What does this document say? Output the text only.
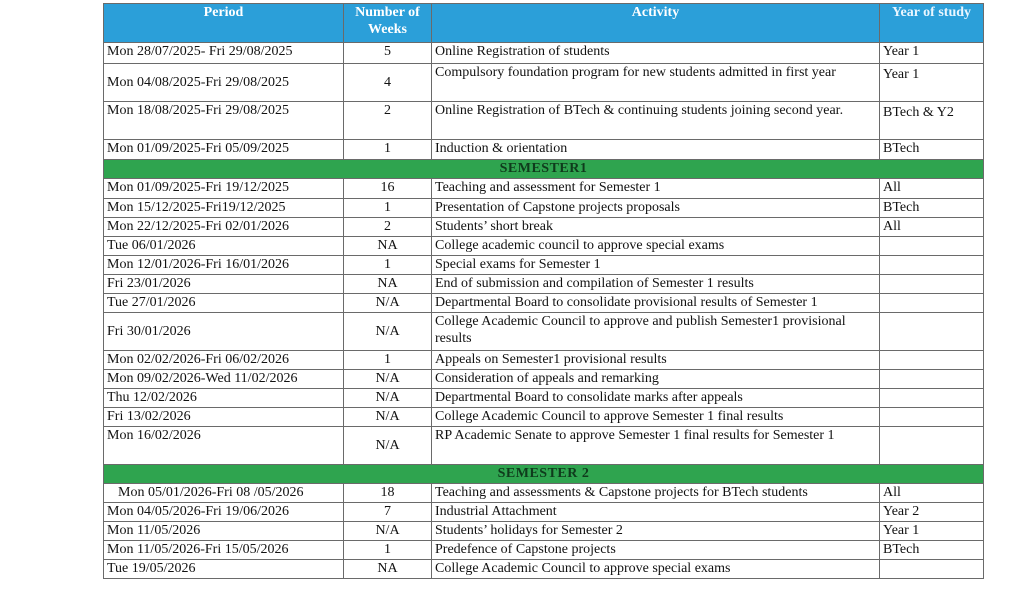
Period	Number of Weeks	Activity	Year of study
Mon 28/07/2025- Fri 29/08/2025	5	Online Registration of students	Year 1
Mon 04/08/2025-Fri 29/08/2025	4	Compulsory foundation program for new students admitted in first year	Year 1
Mon 18/08/2025-Fri 29/08/2025	2	Online Registration of BTech & continuing students joining second year.	BTech & Y2
Mon 01/09/2025-Fri 05/09/2025	1	Induction & orientation	BTech
SEMESTER1			
Mon 01/09/2025-Fri 19/12/2025	16	Teaching and assessment for Semester 1	All
Mon 15/12/2025-Fri19/12/2025	1	Presentation of Capstone projects proposals	BTech
Mon 22/12/2025-Fri 02/01/2026	2	Students’ short break	All
Tue 06/01/2026	NA	College academic council to approve special exams	
Mon 12/01/2026-Fri 16/01/2026	1	Special exams for Semester 1	
Fri 23/01/2026	NA	End of submission and compilation of Semester 1 results	
Tue 27/01/2026	N/A	Departmental Board to consolidate provisional results of Semester 1	
Fri 30/01/2026	N/A	College Academic Council to approve and publish Semester1 provisional results	
Mon 02/02/2026-Fri 06/02/2026	1	Appeals on Semester1 provisional results	
Mon 09/02/2026-Wed 11/02/2026	N/A	Consideration of appeals and remarking	
Thu 12/02/2026	N/A	Departmental Board to consolidate marks after appeals	
Fri 13/02/2026	N/A	College Academic Council to approve Semester 1 final results	
Mon 16/02/2026	N/A	RP Academic Senate to approve Semester 1 final results for Semester 1	
SEMESTER 2			
Mon 05/01/2026-Fri 08 /05/2026	18	Teaching and assessments & Capstone projects for BTech students	All
Mon 04/05/2026-Fri 19/06/2026	7	Industrial Attachment	Year 2
Mon 11/05/2026	N/A	Students’ holidays for Semester 2	Year 1
Mon 11/05/2026-Fri 15/05/2026	1	Predefence of Capstone projects	BTech
Tue 19/05/2026	NA	College Academic Council to approve special exams	
